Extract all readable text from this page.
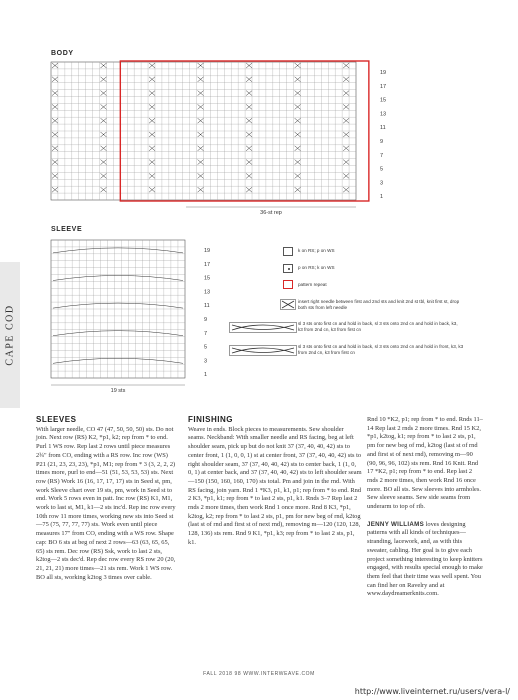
CAPE COD
BODY
SLEEVE
19
17
15
13
11
9
7
5
3
1
36-st rep
19
17
15
13
11
9
7
5
3
1
19 sts
k on RS; p on WS
p on RS; k on WS
pattern repeat
insert right needle between first and 2nd sts and knit 2nd st tbl, knit first st, drop both sts from left needle
sl 3 sts onto first cn and hold in back, sl 3 sts onto 2nd cn and hold in back, k3, k3 from 2nd cn, k3 from first cn
sl 3 sts onto first cn and hold in back, sl 3 sts onto 2nd cn and hold in front, k3, k3 from 2nd cn, k3 from first cn
SLEEVES

With larger needle, CO 47 (47, 50, 50, 50) sts. Do not join. Next row (RS) K2, *p1, k2; rep from * to end. Purl 1 WS row. Rep last 2 rows until piece measures 2¾" from CO, ending with a RS row. Inc row (WS) P21 (21, 23, 23, 23), *p1, M1; rep from * 3 (3, 2, 2, 2) times more, purl to end—51 (51, 53, 53, 53) sts. Next row (RS) Work 16 (16, 17, 17, 17) sts in Seed st, pm, work Sleeve chart over 19 sts, pm, work in Seed st to end. Work 5 rows even in patt. Inc row (RS) K1, M1, work to last st, M1, k1—2 sts inc'd. Rep inc row every 10th row 11 more times, working new sts into Seed st—75 (75, 77, 77, 77) sts. Work even until piece measures 17" from CO, ending with a WS row. Shape cap: BO 6 sts at beg of next 2 rows—63 (63, 65, 65, 65) sts rem. Dec row (RS) Ssk, work to last 2 sts, k2tog—2 sts dec'd. Rep dec row every RS row 20 (20, 21, 21, 21) more times—21 sts rem. Work 1 WS row. BO all sts, working k2tog 3 times over cable.

FINISHING

Weave in ends. Block pieces to measurements. Sew shoulder seams. Neckband: With smaller needle and RS facing, beg at left shoulder seam, pick up but do not knit 37 (37, 40, 40, 42) sts to center front, 1 (1, 0, 0, 1) st at center front, 37 (37, 40, 40, 42) sts to right shoulder seam, 37 (37, 40, 40, 42) sts to center back, 1 (1, 0, 0, 1) at center back, and 37 (37, 40, 40, 42) sts to left shoulder seam—150 (150, 160, 160, 170) sts total. Pm and join in the rnd. With RS facing, join yarn. Rnd 1 *K3, p1, k1, p1; rep from * to end. Rnd 2 K3, *p1, k1; rep from * to last 2 sts, p1, k1. Rnds 3–7 Rep last 2 rnds 2 more times, then work Rnd 1 once more. Rnd 8 K3, *p1, k2tog, k2; rep from * to last 2 sts, p1, pm for new beg of rnd, k2tog (last st of rnd and first st of next rnd), removing m—120 (120, 128, 128, 136) sts rem. Rnd 9 K1, *p1, k3; rep from * to last 2 sts, p1, k1.

Rnd 10 *K2, p1; rep from * to end. Rnds 11–14 Rep last 2 rnds 2 more times. Rnd 15 K2, *p1, k2tog, k1; rep from * to last 2 sts, p1, pm for new beg of rnd, k2tog (last st of rnd and first st of next rnd), removing m—90 (90, 96, 96, 102) sts rem. Rnd 16 Knit. Rnd 17 *K2, p1; rep from * to end. Rep last 2 rnds 2 more times, then work Rnd 16 once more. BO all sts. Sew sleeves into armholes. Sew sleeve seams. Sew side seams from underarm to top of rib.

JENNY WILLIAMS loves designing patterns with all kinds of techniques—stranding, lacework, and, as with this sweater, cabling. Her goal is to give each project something interesting to keep knitters engaged, with results special enough to make them feel that their time was well spent. You can find her on Ravelry and at www.daydreamerknits.com.

FALL 2018 98 WWW.INTERWEAVE.COM
http://www.liveinternet.ru/users/vera-l/
